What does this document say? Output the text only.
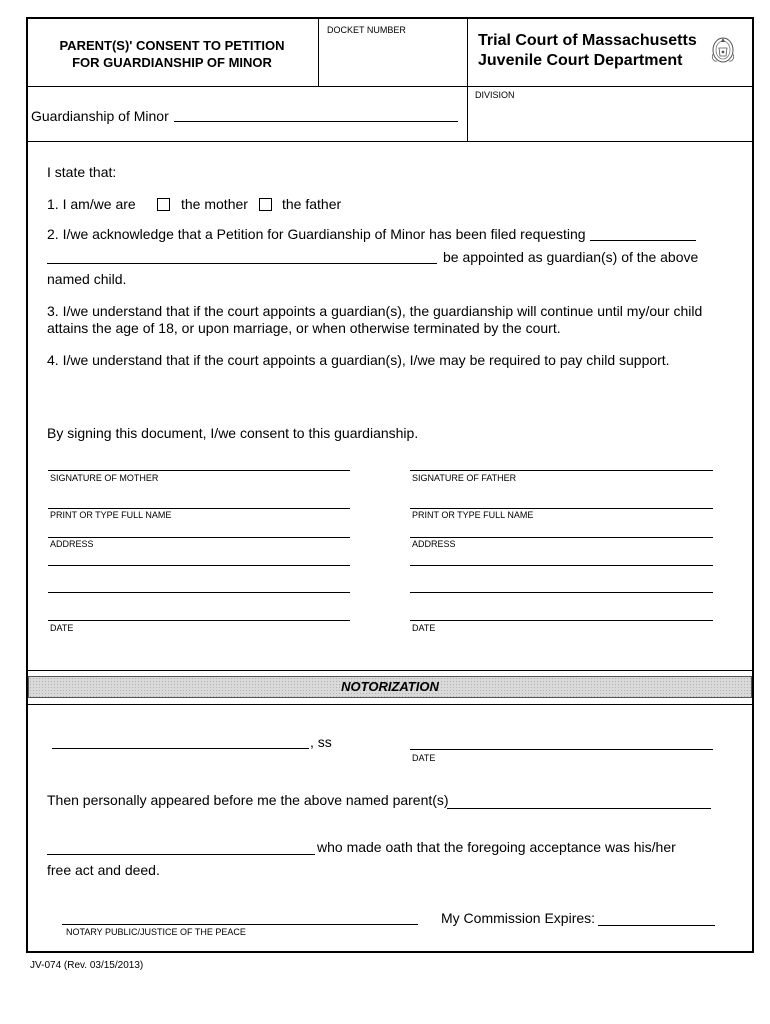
PARENT(S)' CONSENT TO PETITION
FOR GUARDIANSHIP OF MINOR
DOCKET NUMBER
Trial Court of Massachusetts
Juvenile Court Department
DIVISION
Guardianship of Minor
I state that:
1. I am/we are	the mother the father
2. I/we acknowledge that a Petition for Guardianship of Minor has been filed requesting
be appointed as guardian(s) of the above
named child.
3. I/we understand that if the court appoints a guardian(s), the guardianship will continue until my/our child
attains the age of 18, or upon marriage, or when otherwise terminated by the court.
4. I/we understand that if the court appoints a guardian(s), I/we may be required to pay child support.
By signing this document, I/we consent to this guardianship.
SIGNATURE OF MOTHER
PRINT OR TYPE FULL NAME
ADDRESS
DATE
SIGNATURE OF FATHER
PRINT OR TYPE FULL NAME
ADDRESS
DATE
NOTORIZATION
, ss
DATE
Then personally appeared before me the above named parent(s)
who made oath that the foregoing acceptance was his/her
free act and deed.
NOTARY PUBLIC/JUSTICE OF THE PEACE
My Commission Expires:
JV-074 (Rev. 03/15/2013)
